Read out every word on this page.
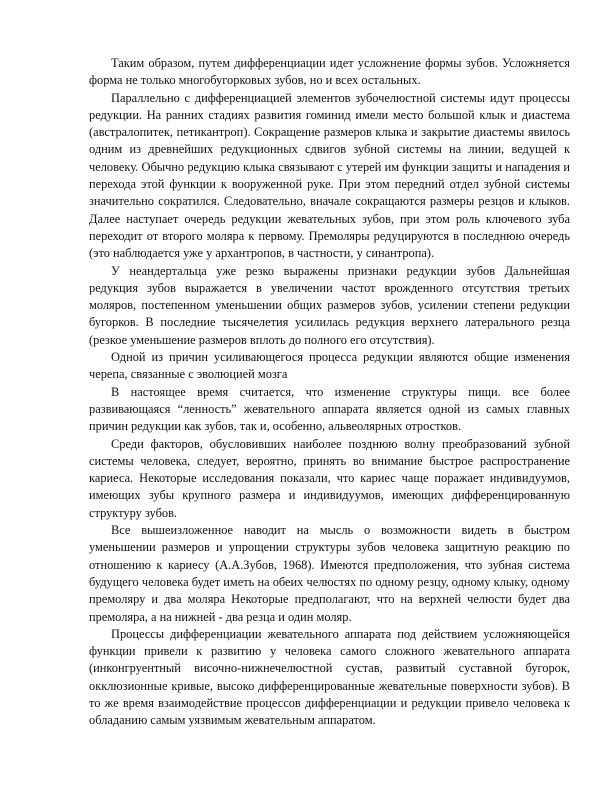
Таким образом, путем дифференциации идет усложнение формы зубов. Усложняется форма не только многобугорковых зубов, но и всех остальных.

Параллельно с дифференциацией элементов зубочелюстной системы идут процессы редукции. На ранних стадиях развития гоминид имели место большой клык и диастема (австралопитек, петикантроп). Сокращение размеров клыка и закрытие диастемы явилось одним из древнейших редукционных сдвигов зубной системы на линии, ведущей к человеку. Обычно редукцию клыка связывают с утерей им функции защиты и нападения и перехода этой функции к вооруженной руке. При этом передний отдел зубной системы значительно сократился. Следовательно, вначале сокращаются размеры резцов и клыков. Далее наступает очередь редукции жевательных зубов, при этом роль ключевого зуба переходит от второго моляра к первому. Премоляры редуцируются в последнюю очередь (это наблюдается уже у архантропов, в частности, у синантропа).

У неандертальца уже резко выражены признаки редукции зубов Дальнейшая редукция зубов выражается в увеличении частот врожденного отсутствия третьих моляров, постепенном уменьшении общих размеров зубов, усилении степени редукции бугорков. В последние тысячелетия усилилась редукция верхнего латерального резца (резкое уменьшение размеров вплоть до полного его отсутствия).

Одной из причин усиливающегося процесса редукции являются общие изменения черепа, связанные с эволюцией мозга

В настоящее время считается, что изменение структуры пищи. все более развивающаяся “ленность” жевательного аппарата является одной из самых главных причин редукции как зубов, так и, особенно, альвеолярных отростков.

Среди факторов, обусловивших наиболее позднюю волну преобразований зубной системы человека, следует, вероятно, принять во внимание быстрое распространение кариеса. Некоторые исследования показали, что кариес чаще поражает индивидуумов, имеющих зубы крупного размера и индивидуумов, имеющих дифференцированную структуру зубов.

Все вышеизложенное наводит на мысль о возможности видеть в быстром уменьшении размеров и упрощении структуры зубов человека защитную реакцию по отношению к кариесу (А.А.Зубов, 1968). Имеются предположения, что зубная система будущего человека будет иметь на обеих челюстях по одному резцу, одному клыку, одному премоляру и два моляра Некоторые предполагают, что на верхней челюсти будет два премоляра, а на нижней - два резца и один моляр.

Процессы дифференциации жевательного аппарата под действием усложняющейся функции привели к развитию у человека самого сложного жевательного аппарата (инконгруентный височно-нижнечелюстной сустав, развитый суставной бугорок, окклюзионные кривые, высоко дифференцированные жевательные поверхности зубов). В то же время взаимодействие процессов дифференциации и редукции привело человека к обладанию самым уязвимым жевательным аппаратом.
